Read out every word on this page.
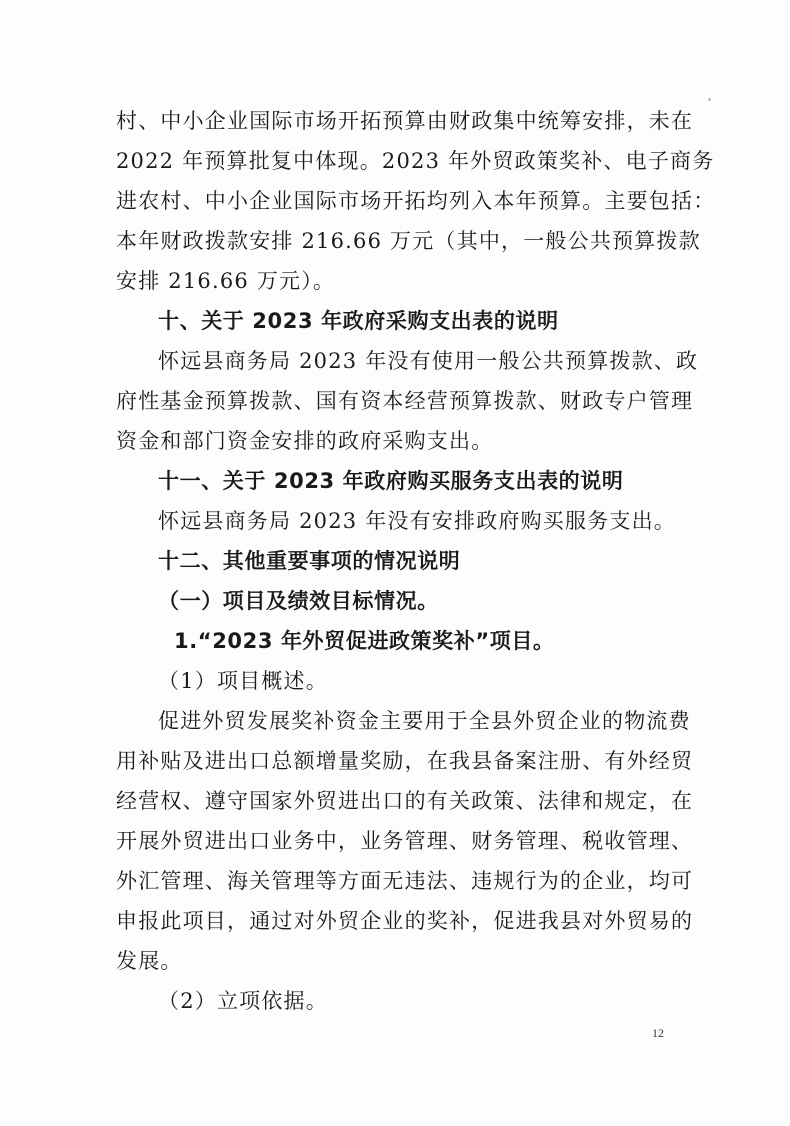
村、中小企业国际市场开拓预算由财政集中统筹安排，未在
2022 年预算批复中体现。2023 年外贸政策奖补、电子商务
进农村、中小企业国际市场开拓均列入本年预算。主要包括：
本年财政拨款安排 216.66 万元（其中，一般公共预算拨款
安排 216.66 万元）。
十、关于 2023 年政府采购支出表的说明
怀远县商务局 2023 年没有使用一般公共预算拨款、政
府性基金预算拨款、国有资本经营预算拨款、财政专户管理
资金和部门资金安排的政府采购支出。
十一、关于 2023 年政府购买服务支出表的说明
怀远县商务局 2023 年没有安排政府购买服务支出。
十二、其他重要事项的情况说明
（一）项目及绩效目标情况。
1.“2023 年外贸促进政策奖补”项目。
（1）项目概述。
促进外贸发展奖补资金主要用于全县外贸企业的物流费
用补贴及进出口总额增量奖励，在我县备案注册、有外经贸
经营权、遵守国家外贸进出口的有关政策、法律和规定，在
开展外贸进出口业务中，业务管理、财务管理、税收管理、
外汇管理、海关管理等方面无违法、违规行为的企业，均可
申报此项目，通过对外贸企业的奖补，促进我县对外贸易的
发展。
（2）立项依据。
12
